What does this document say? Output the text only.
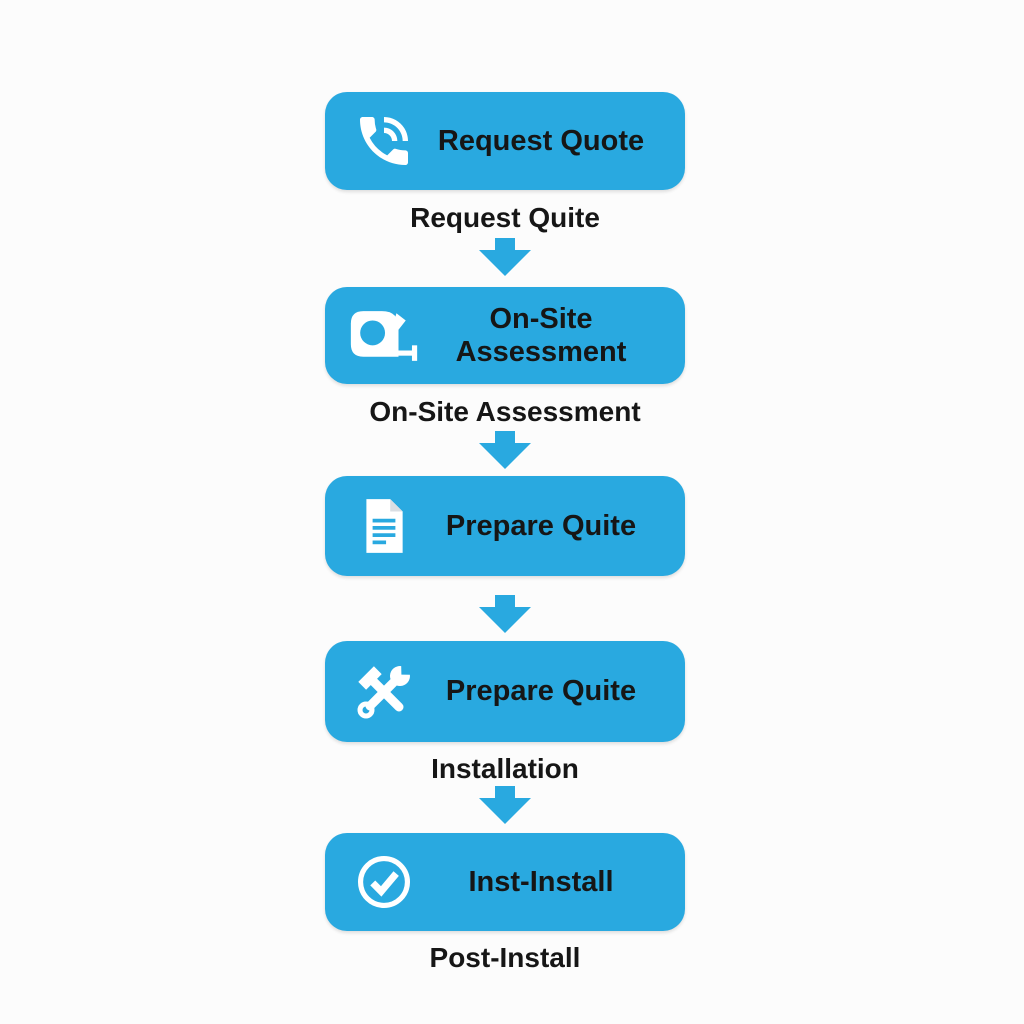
Request Quote
Request Quite
On-Site Assessment
On-Site Assessment
Prepare Quite
Prepare Quite
Installation
Inst-Install
Post-Install
